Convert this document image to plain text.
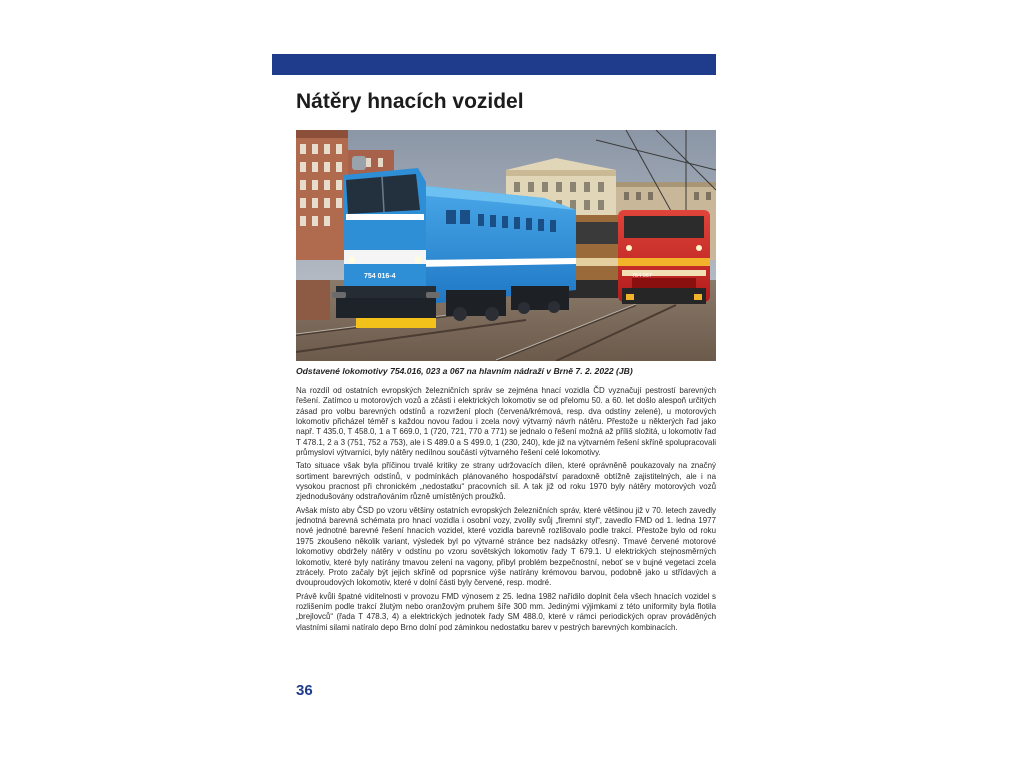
Nátěry hnacích vozidel
754 067
754 016-4

Odstavené lokomotivy 754.016, 023 a 067 na hlavním nádraží v Brně 7. 2. 2022 (JB)

Na rozdíl od ostatních evropských železničních správ se zejména hnací vozidla ČD vyznačují pestrostí barevných řešení. Zatímco u motorových vozů a zčásti i elektrických lokomotiv se od přelomu 50. a 60. let došlo alespoň určitých zásad pro volbu barevných odstínů a rozvržení ploch (červená/krémová, resp. dva odstíny zelené), u motorových lokomotiv přicházel téměř s každou novou řadou i zcela nový výtvarný návrh nátěru. Přestože u některých řad jako např. T 435.0, T 458.0, 1 a T 669.0, 1 (720, 721, 770 a 771) se jednalo o řešení možná až příliš složitá, u lokomotiv řad T 478.1, 2 a 3 (751, 752 a 753), ale i S 489.0 a S 499.0, 1 (230, 240), kde již na výtvarném řešení skříně spolupracovali průmysloví výtvarníci, byly nátěry nedílnou součástí výtvarného řešení celé lokomotivy.

Tato situace však byla příčinou trvalé kritiky ze strany udržovacích dílen, které oprávněně poukazovaly na značný sortiment barevných odstínů, v podmínkách plánovaného hospodářství paradoxně obtížně zajistitelných, ale i na vysokou pracnost při chronickém „nedostatku“ pracovních sil. A tak již od roku 1970 byly nátěry motorových vozů zjednodušovány odstraňováním různě umístěných proužků.

Avšak místo aby ČSD po vzoru většiny ostatních evropských železničních správ, které většinou již v 70. letech zavedly jednotná barevná schémata pro hnací vozidla i osobní vozy, zvolily svůj „firemní styl“, zavedlo FMD od 1. ledna 1977 nové jednotné barevné řešení hnacích vozidel, které vozidla barevně rozlišovalo podle trakcí. Přestože bylo od roku 1975 zkoušeno několik variant, výsledek byl po výtvarné stránce bez nadsázky otřesný. Tmavé červené motorové lokomotivy obdržely nátěry v odstínu po vzoru sovětských lokomotiv řady T 679.1. U elektrických stejnosměrných lokomotiv, které byly natírány tmavou zelení na vagony, přibyl problém bezpečnostní, neboť se v bujné vegetaci zcela ztrácely. Proto začaly být jejich skříně od poprsnice výše natírány krémovou barvou, podobně jako u střídavých a dvouproudových lokomotiv, které v dolní části byly červené, resp. modré.

Právě kvůli špatné viditelnosti v provozu FMD výnosem z 25. ledna 1982 nařídilo doplnit čela všech hnacích vozidel s rozlišením podle trakcí žlutým nebo oranžovým pruhem šíře 300 mm. Jedinými výjimkami z této uniformity byla flotila „brejlovců“ (řada T 478.3, 4) a elektrických jednotek řady SM 488.0, které v rámci periodických oprav prováděných vlastními silami natíralo depo Brno dolní pod záminkou nedostatku barev v pestrých barevných kombinacích.

36
